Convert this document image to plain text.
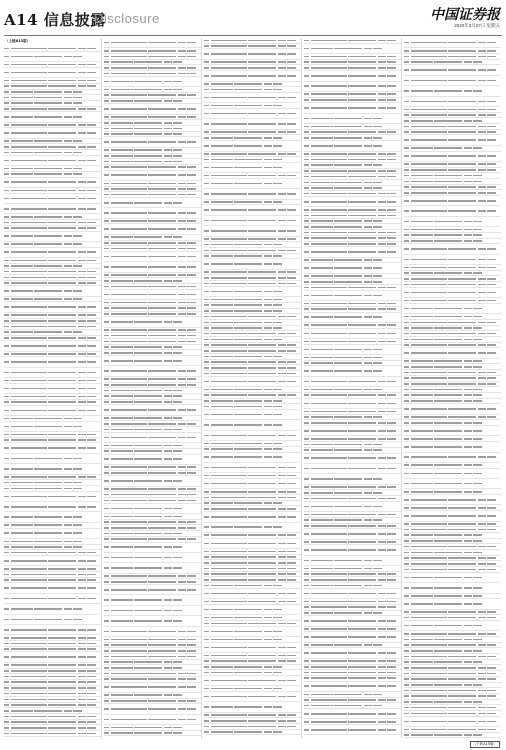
A14 信息披露
Disclosure	中国证券报
2020年3月27日 星期五
（上接A13版）
（下转A15版）
